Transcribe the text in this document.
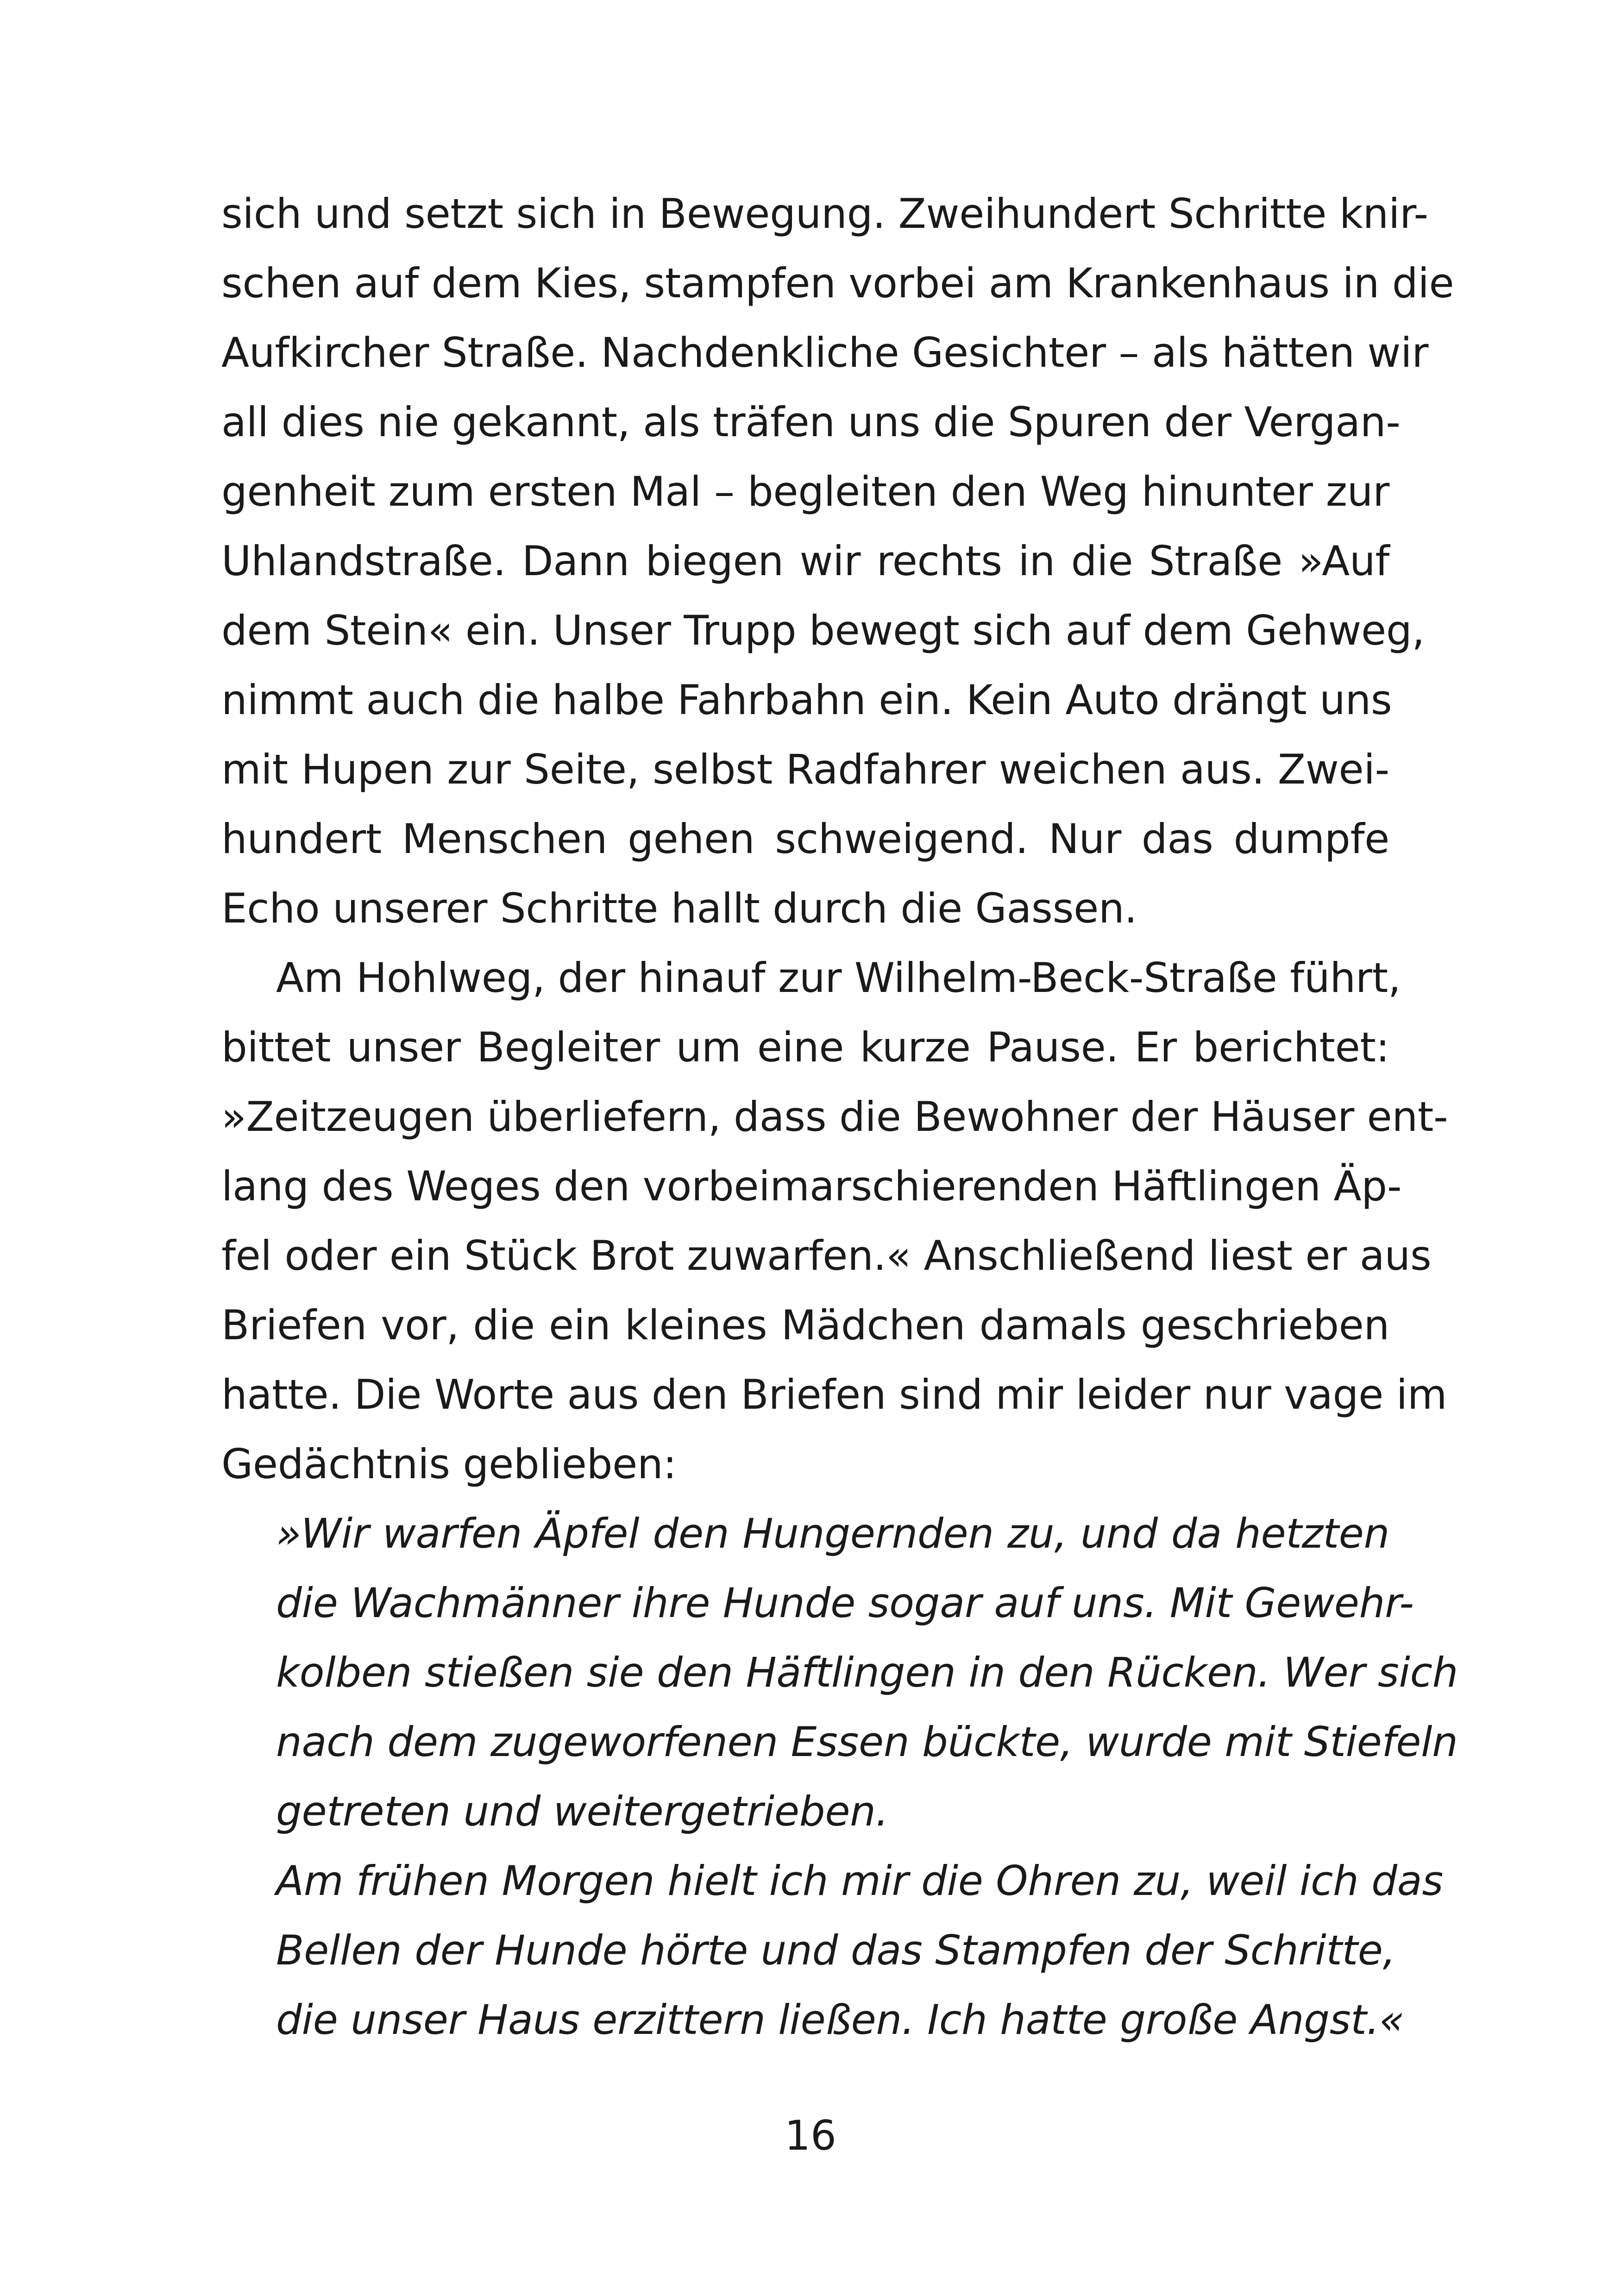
sich und setzt sich in Bewegung. Zweihundert Schritte knir-
schen auf dem Kies, stampfen vorbei am Krankenhaus in die
Aufkircher Straße. Nachdenkliche Gesichter – als hätten wir
all dies nie gekannt, als träfen uns die Spuren der Vergan-
genheit zum ersten Mal – begleiten den Weg hinunter zur
Uhlandstraße. Dann biegen wir rechts in die Straße »Auf
dem Stein« ein. Unser Trupp bewegt sich auf dem Gehweg,
nimmt auch die halbe Fahrbahn ein. Kein Auto drängt uns
mit Hupen zur Seite, selbst Radfahrer weichen aus. Zwei-
hundert Menschen gehen schweigend. Nur das dumpfe
Echo unserer Schritte hallt durch die Gassen.
Am Hohlweg, der hinauf zur Wilhelm-Beck-Straße führt,
bittet unser Begleiter um eine kurze Pause. Er berichtet:
»Zeitzeugen überliefern, dass die Bewohner der Häuser ent-
lang des Weges den vorbeimarschierenden Häftlingen Äp-
fel oder ein Stück Brot zuwarfen.« Anschließend liest er aus
Briefen vor, die ein kleines Mädchen damals geschrieben
hatte. Die Worte aus den Briefen sind mir leider nur vage im
Gedächtnis geblieben:
»Wir warfen Äpfel den Hungernden zu, und da hetzten
die Wachmänner ihre Hunde sogar auf uns. Mit Gewehr-
kolben stießen sie den Häftlingen in den Rücken. Wer sich
nach dem zugeworfenen Essen bückte, wurde mit Stiefeln
getreten und weitergetrieben.
Am frühen Morgen hielt ich mir die Ohren zu, weil ich das
Bellen der Hunde hörte und das Stampfen der Schritte,
die unser Haus erzittern ließen. Ich hatte große Angst.«
16
